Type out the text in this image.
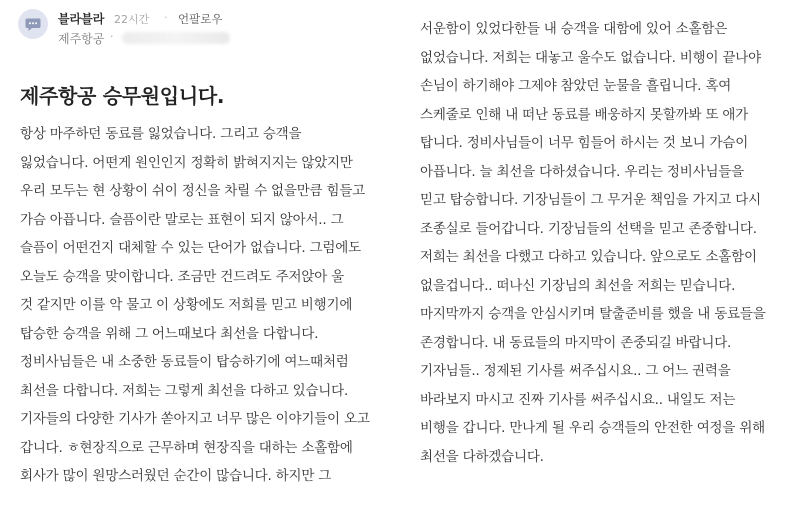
블라블라 22시간 · 언팔로우
제주항공 ·
제주항공 승무원입니다.
항상 마주하던 동료를 잃었습니다. 그리고 승객을
잃었습니다. 어떤게 원인인지 정확히 밝혀지지는 않았지만
우리 모두는 현 상황이 쉬이 정신을 차릴 수 없을만큼 힘들고
가슴 아픕니다. 슬픔이란 말로는 표현이 되지 않아서.. 그
슬픔이 어떤건지 대체할 수 있는 단어가 없습니다. 그럼에도
오늘도 승객을 맞이합니다. 조금만 건드려도 주저앉아 울
것 같지만 이를 악 물고 이 상황에도 저희를 믿고 비행기에
탑승한 승객을 위해 그 어느때보다 최선을 다합니다.
정비사님들은 내 소중한 동료들이 탑승하기에 여느때처럼
최선을 다합니다. 저희는 그렇게 최선을 다하고 있습니다.
기자들의 다양한 기사가 쏟아지고 너무 많은 이야기들이 오고
갑니다. ㅎ현장직으로 근무하며 현장직을 대하는 소홀함에
회사가 많이 원망스러웠던 순간이 많습니다. 하지만 그
서운함이 있었다한들 내 승객을 대함에 있어 소홀함은
없었습니다. 저희는 대놓고 울수도 없습니다. 비행이 끝나야
손님이 하기해야 그제야 참았던 눈물을 흘립니다. 혹여
스케줄로 인해 내 떠난 동료를 배웅하지 못할까봐 또 애가
탑니다. 정비사님들이 너무 힘들어 하시는 것 보니 가슴이
아픕니다. 늘 최선을 다하셨습니다. 우리는 정비사님들을
믿고 탑승합니다. 기장님들이 그 무거운 책임을 가지고 다시
조종실로 들어갑니다. 기장님들의 선택을 믿고 존중합니다.
저희는 최선을 다했고 다하고 있습니다. 앞으로도 소홀함이
없을겁니다.. 떠나신 기장님의 최선을 저희는 믿습니다.
마지막까지 승객을 안심시키며 탈출준비를 했을 내 동료들을
존경합니다. 내 동료들의 마지막이 존중되길 바랍니다.
기자님들.. 정제된 기사를 써주십시요.. 그 어느 권력을
바라보지 마시고 진짜 기사를 써주십시요.. 내일도 저는
비행을 갑니다. 만나게 될 우리 승객들의 안전한 여정을 위해
최선을 다하겠습니다.
